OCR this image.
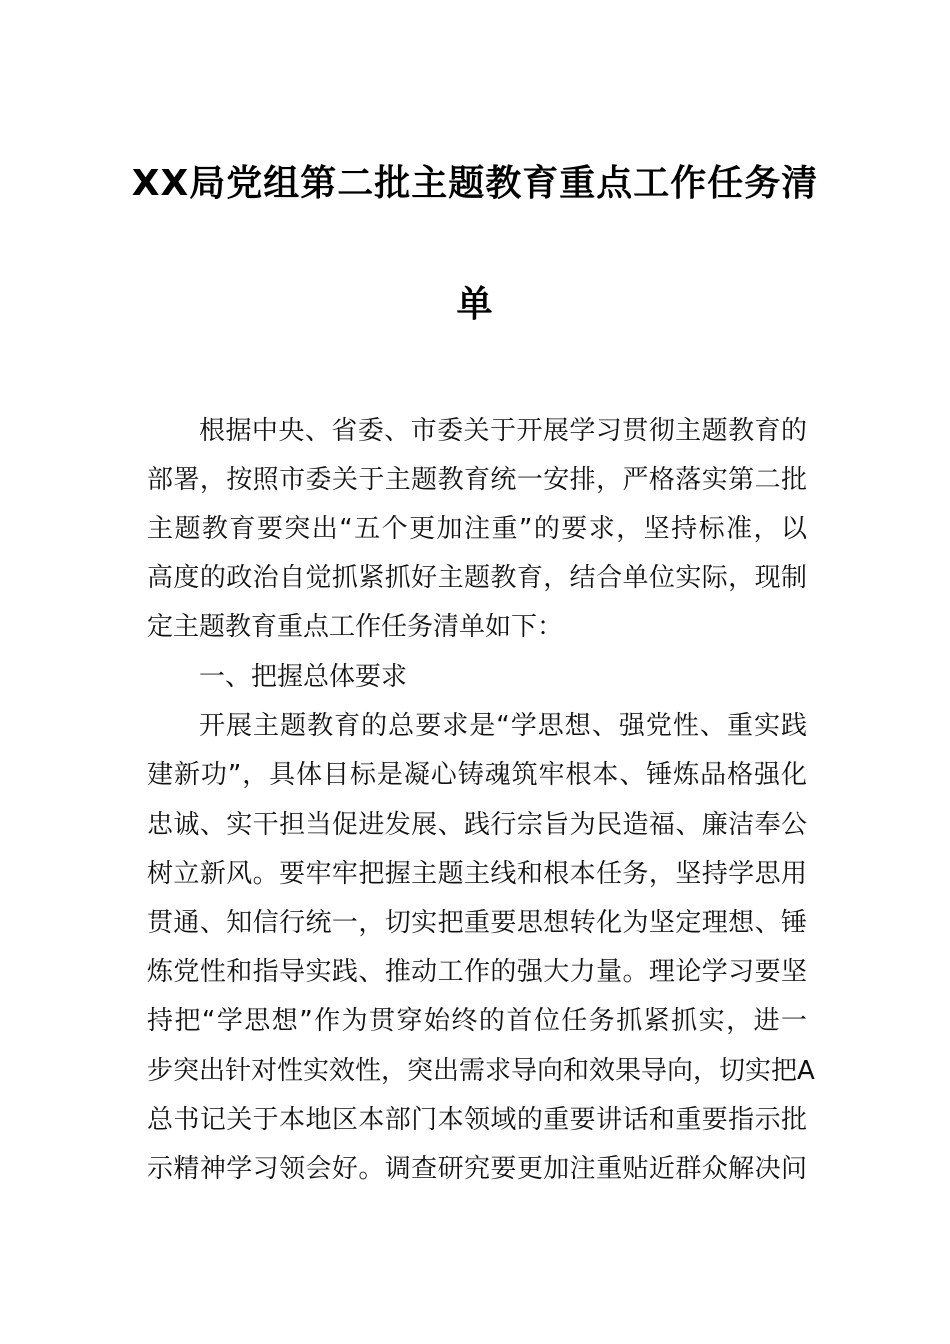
XX局党组第二批主题教育重点工作任务清
单
根据中央、省委、市委关于开展学习贯彻主题教育的
部署，按照市委关于主题教育统一安排，严格落实第二批
主题教育要突出“五个更加注重”的要求，坚持标准，以
高度的政治自觉抓紧抓好主题教育，结合单位实际，现制
定主题教育重点工作任务清单如下：
一、把握总体要求
开展主题教育的总要求是“学思想、强党性、重实践
建新功”，具体目标是凝心铸魂筑牢根本、锤炼品格强化
忠诚、实干担当促进发展、践行宗旨为民造福、廉洁奉公
树立新风。要牢牢把握主题主线和根本任务，坚持学思用
贯通、知信行统一，切实把重要思想转化为坚定理想、锤
炼党性和指导实践、推动工作的强大力量。理论学习要坚
持把“学思想”作为贯穿始终的首位任务抓紧抓实，进一
步突出针对性实效性，突出需求导向和效果导向，切实把A
总书记关于本地区本部门本领域的重要讲话和重要指示批
示精神学习领会好。调查研究要更加注重贴近群众解决问
